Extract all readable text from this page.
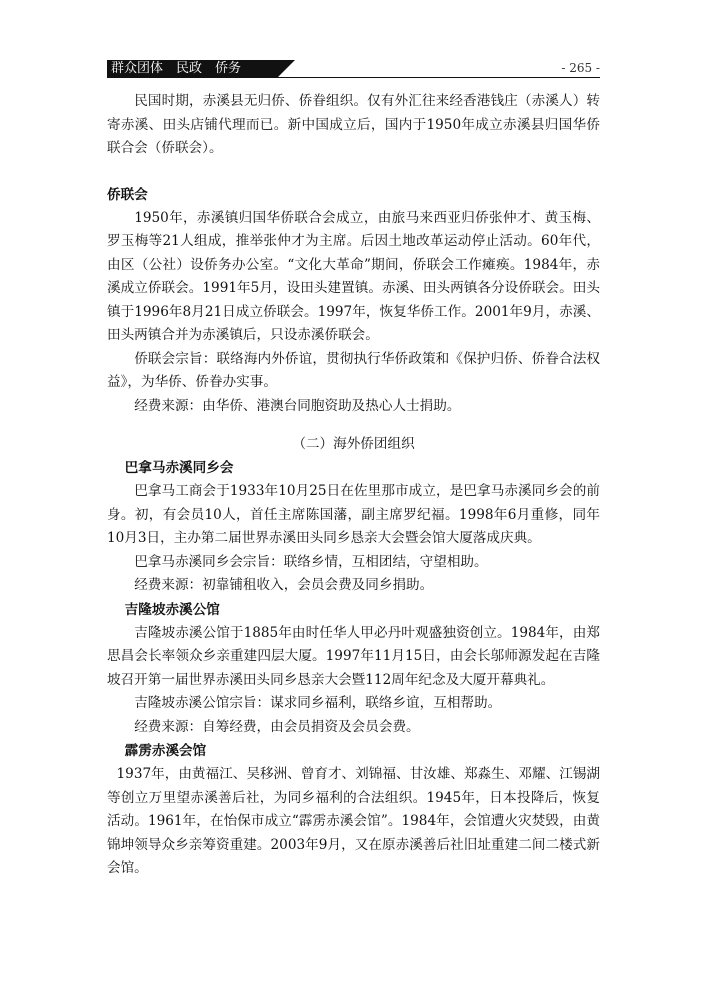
群众团体　民政　侨务	- 265 -

民国时期，赤溪县无归侨、侨眷组织。仅有外汇往来经香港钱庄（赤溪人）转寄赤溪、田头店铺代理而已。新中国成立后，国内于1950年成立赤溪县归国华侨联合会（侨联会）。

侨联会

1950年，赤溪镇归国华侨联合会成立，由旅马来西亚归侨张仲才、黄玉梅、罗玉梅等21人组成，推举张仲才为主席。后因土地改革运动停止活动。60年代，由区（公社）设侨务办公室。“文化大革命”期间，侨联会工作瘫痪。1984年，赤溪成立侨联会。1991年5月，设田头建置镇。赤溪、田头两镇各分设侨联会。田头镇于1996年8月21日成立侨联会。1997年，恢复华侨工作。2001年9月，赤溪、田头两镇合并为赤溪镇后，只设赤溪侨联会。

侨联会宗旨：联络海内外侨谊，贯彻执行华侨政策和《保护归侨、侨眷合法权益》，为华侨、侨眷办实事。

经费来源：由华侨、港澳台同胞资助及热心人士捐助。

（二）海外侨团组织
巴拿马赤溪同乡会

巴拿马工商会于1933年10月25日在佐里那市成立，是巴拿马赤溪同乡会的前身。初，有会员10人，首任主席陈国藩，副主席罗纪福。1998年6月重修，同年10月3日，主办第二届世界赤溪田头同乡恳亲大会暨会馆大厦落成庆典。

巴拿马赤溪同乡会宗旨：联络乡情，互相团结，守望相助。

经费来源：初靠铺租收入，会员会费及同乡捐助。

吉隆坡赤溪公馆

吉隆坡赤溪公馆于1885年由时任华人甲必丹叶观盛独资创立。1984年，由郑思昌会长率领众乡亲重建四层大厦。1997年11月15日，由会长邬师源发起在吉隆坡召开第一届世界赤溪田头同乡恳亲大会暨112周年纪念及大厦开幕典礼。

吉隆坡赤溪公馆宗旨：谋求同乡福利，联络乡谊，互相帮助。

经费来源：自筹经费，由会员捐资及会员会费。

霹雳赤溪会馆

1937年，由黄福江、吴移洲、曾育才、刘锦福、甘汝雄、郑淼生、邓耀、江锡湖等创立万里望赤溪善后社，为同乡福利的合法组织。1945年，日本投降后，恢复活动。1961年，在怡保市成立“霹雳赤溪会馆”。1984年，会馆遭火灾焚毁，由黄锦坤领导众乡亲筹资重建。2003年9月，又在原赤溪善后社旧址重建二间二楼式新会馆。
